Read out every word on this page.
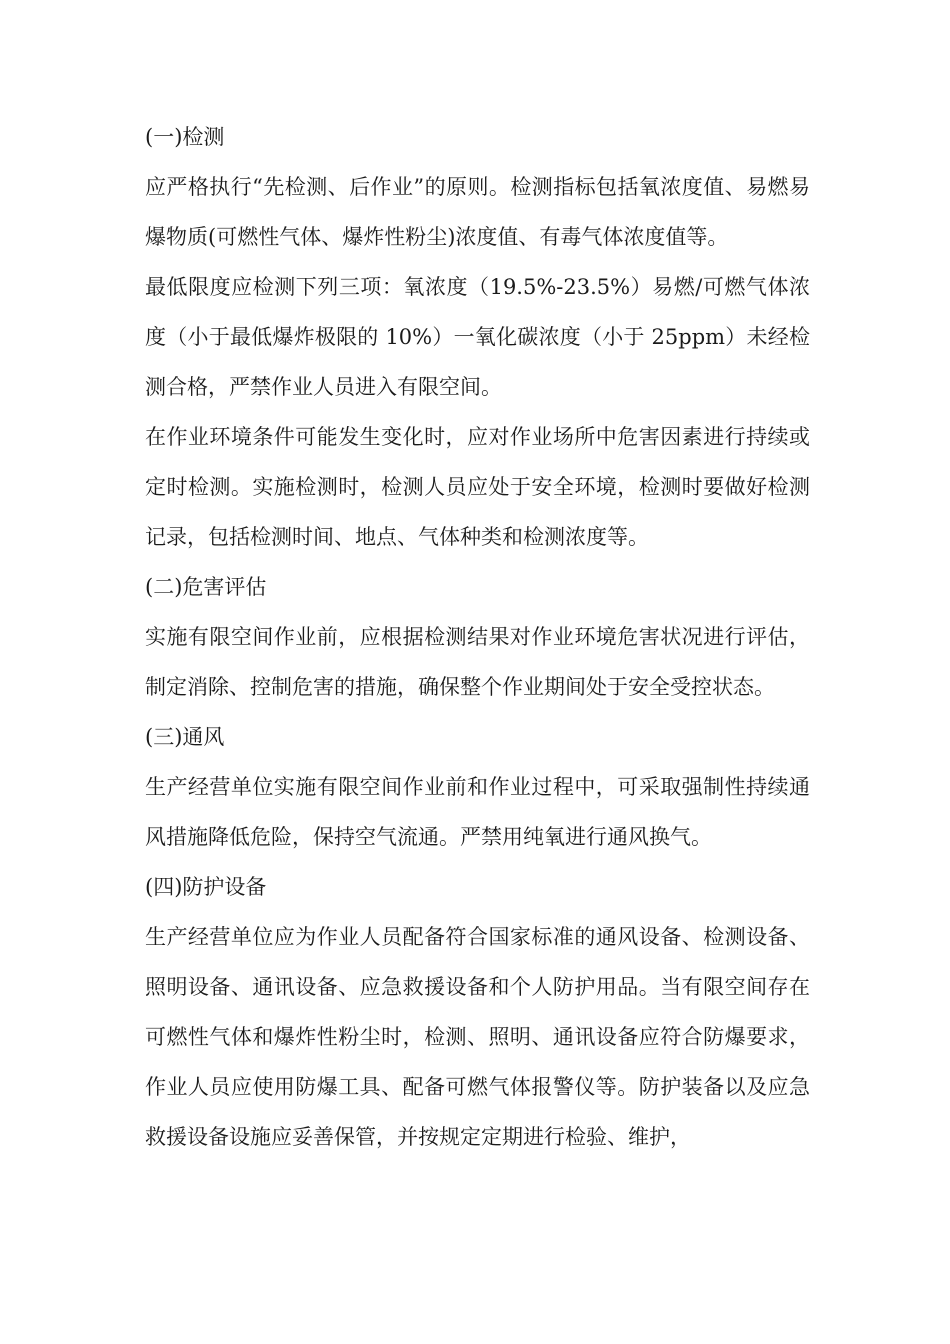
(一)检测

应严格执行“先检测、后作业”的原则。检测指标包括氧浓度值、易燃易爆物质(可燃性气体、爆炸性粉尘)浓度值、有毒气体浓度值等。

最低限度应检测下列三项：氧浓度（19.5%-23.5%）易燃/可燃气体浓度（小于最低爆炸极限的 10%）一氧化碳浓度（小于 25ppm）未经检测合格，严禁作业人员进入有限空间。

在作业环境条件可能发生变化时，应对作业场所中危害因素进行持续或定时检测。实施检测时，检测人员应处于安全环境，检测时要做好检测记录，包括检测时间、地点、气体种类和检测浓度等。

(二)危害评估

实施有限空间作业前，应根据检测结果对作业环境危害状况进行评估，制定消除、控制危害的措施，确保整个作业期间处于安全受控状态。

(三)通风

生产经营单位实施有限空间作业前和作业过程中，可采取强制性持续通风措施降低危险，保持空气流通。严禁用纯氧进行通风换气。

(四)防护设备

生产经营单位应为作业人员配备符合国家标准的通风设备、检测设备、照明设备、通讯设备、应急救援设备和个人防护用品。当有限空间存在可燃性气体和爆炸性粉尘时，检测、照明、通讯设备应符合防爆要求，作业人员应使用防爆工具、配备可燃气体报警仪等。防护装备以及应急救援设备设施应妥善保管，并按规定定期进行检验、维护，
